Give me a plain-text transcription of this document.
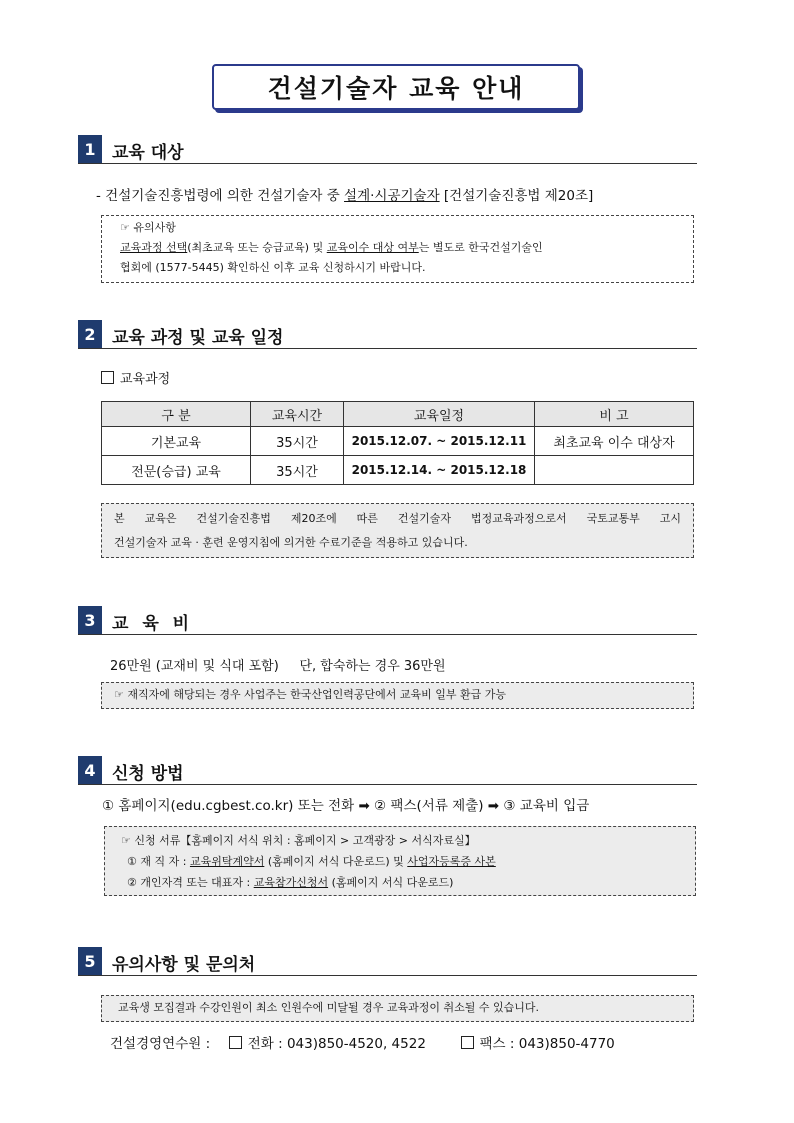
건설기술자 교육 안내
1 교육 대상
- 건설기술진흥법령에 의한 건설기술자 중 설계·시공기술자 [건설기술진흥법 제20조]
☞ 유의사항
교육과정 선택(최초교육 또는 승급교육) 및 교육이수 대상 여부는 별도로 한국건설기술인
협회에 (1577-5445) 확인하신 이후 교육 신청하시기 바랍니다.
2 교육 과정 및 교육 일정
교육과정
구 분	교육시간	교육일정	비 고
기본교육	35시간	2015.12.07. ~ 2015.12.11	최초교육 이수 대상자
전문(승급) 교육	35시간	2015.12.14. ~ 2015.12.18	
본 교육은 건설기술진흥법 제20조에 따른 건설기술자 법정교육과정으로서 국토교통부 고시
건설기술자 교육 · 훈련 운영지침에 의거한 수료기준을 적용하고 있습니다.
3 교 육 비
26만원 (교재비 및 식대 포함)     단, 합숙하는 경우 36만원
☞ 재직자에 해당되는 경우 사업주는 한국산업인력공단에서 교육비 일부 환급 가능
4 신청 방법
① 홈페이지(edu.cgbest.co.kr) 또는 전화 ➡ ② 팩스(서류 제출) ➡ ③ 교육비 입금
☞ 신청 서류【홈페이지 서식 위치 : 홈페이지 > 고객광장 > 서식자료실】
① 재 직 자 : 교육위탁계약서 (홈페이지 서식 다운로드) 및 사업자등록증 사본
② 개인자격 또는 대표자 : 교육참가신청서 (홈페이지 서식 다운로드)
5 유의사항 및 문의처
교육생 모집결과 수강인원이 최소 인원수에 미달될 경우 교육과정이 취소될 수 있습니다.
건설경영연수원 :	전화 : 043)850-4520, 4522	팩스 : 043)850-4770
